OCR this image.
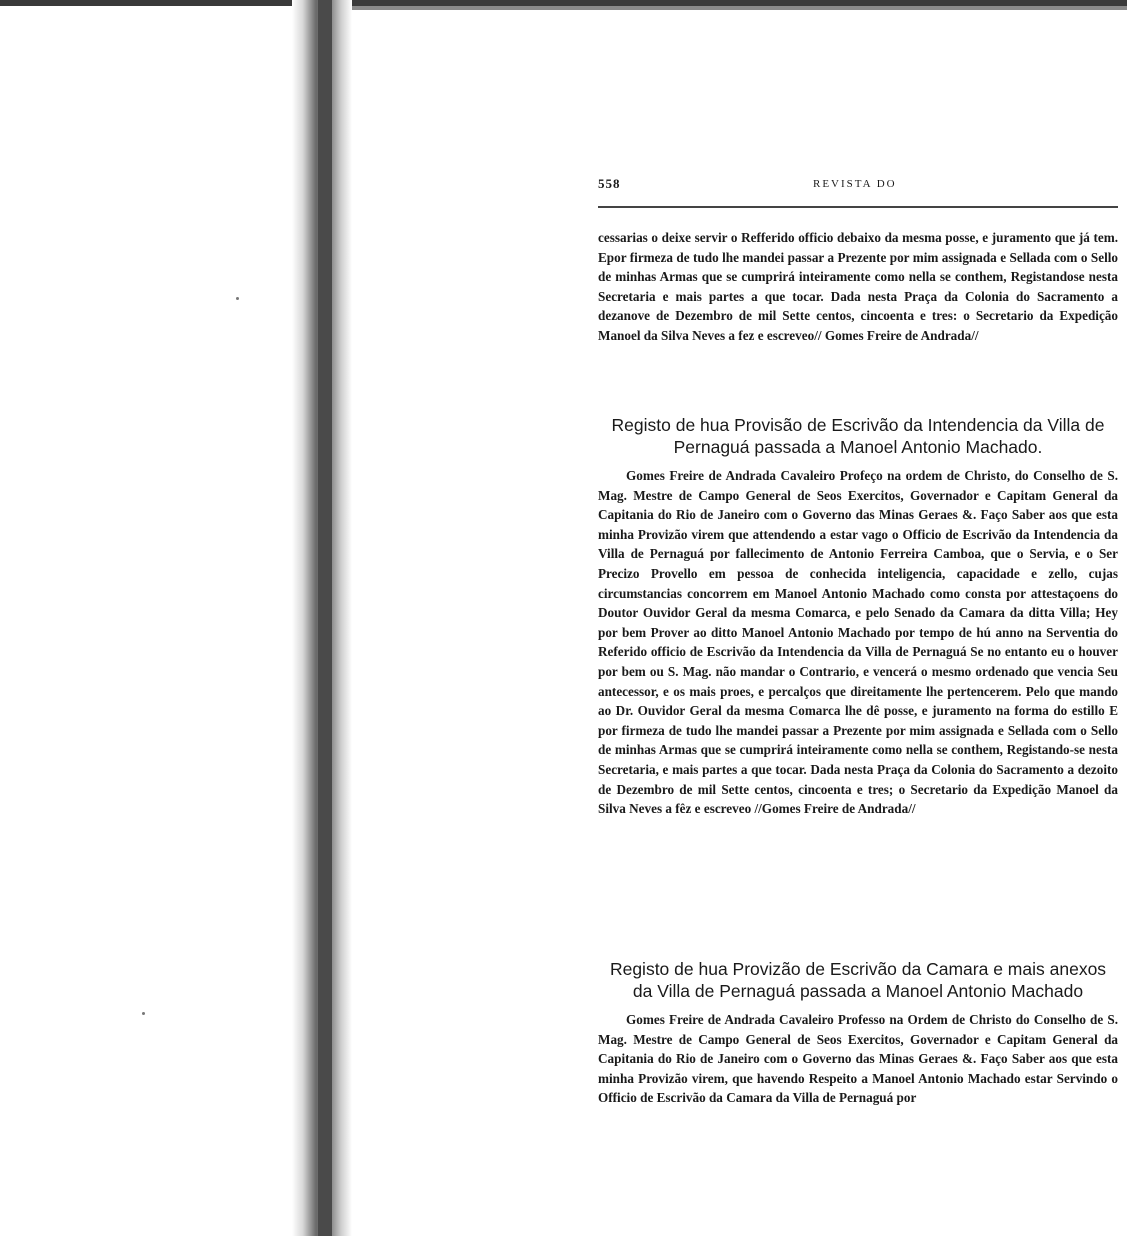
558	REVISTA DO

cessarias o deixe servir o Refferido officio debaixo da mesma posse, e juramento que já tem. Epor firmeza de tudo lhe mandei passar a Prezente por mim assignada e Sellada com o Sello de minhas Armas que se cumprirá inteiramente como nella se conthem, Registandose nesta Secretaria e mais partes a que tocar. Dada nesta Praça da Colonia do Sacramento a dezanove de Dezembro de mil Sette centos, cincoenta e tres: o Secretario da Expedição Manoel da Silva Neves a fez e escreveo// Gomes Freire de Andrada//

Registo de hua Provisão de Escrivão da Intendencia da Villa de Pernaguá passada a Manoel Antonio Machado.

Gomes Freire de Andrada Cavaleiro Profeço na ordem de Christo, do Conselho de S. Mag. Mestre de Campo General de Seos Exercitos, Governador e Capitam General da Capitania do Rio de Janeiro com o Governo das Minas Geraes &. Faço Saber aos que esta minha Provizão virem que attendendo a estar vago o Officio de Escrivão da Intendencia da Villa de Pernaguá por fallecimento de Antonio Ferreira Camboa, que o Servia, e o Ser Precizo Provello em pessoa de conhecida inteligencia, capacidade e zello, cujas circumstancias concorrem em Manoel Antonio Machado como consta por attestaçoens do Doutor Ouvidor Geral da mesma Comarca, e pelo Senado da Camara da ditta Villa; Hey por bem Prover ao ditto Manoel Antonio Machado por tempo de hú anno na Serventia do Referido officio de Escrivão da Intendencia da Villa de Pernaguá Se no entanto eu o houver por bem ou S. Mag. não mandar o Contrario, e vencerá o mesmo ordenado que vencia Seu antecessor, e os mais proes, e percalços que direitamente lhe pertencerem. Pelo que mando ao Dr. Ouvidor Geral da mesma Comarca lhe dê posse, e juramento na forma do estillo E por firmeza de tudo lhe mandei passar a Prezente por mim assignada e Sellada com o Sello de minhas Armas que se cumprirá inteiramente como nella se conthem, Registando-se nesta Secretaria, e mais partes a que tocar. Dada nesta Praça da Colonia do Sacramento a dezoito de Dezembro de mil Sette centos, cincoenta e tres; o Secretario da Expedição Manoel da Silva Neves a fêz e escreveo //Gomes Freire de Andrada//

Registo de hua Provizão de Escrivão da Camara e mais anexos da Villa de Pernaguá passada a Manoel Antonio Machado

Gomes Freire de Andrada Cavaleiro Professo na Ordem de Christo do Conselho de S. Mag. Mestre de Campo General de Seos Exercitos, Governador e Capitam General da Capitania do Rio de Janeiro com o Governo das Minas Geraes &. Faço Saber aos que esta minha Provizão virem, que havendo Respeito a Manoel Antonio Machado estar Servindo o Officio de Escrivão da Camara da Villa de Pernaguá por
